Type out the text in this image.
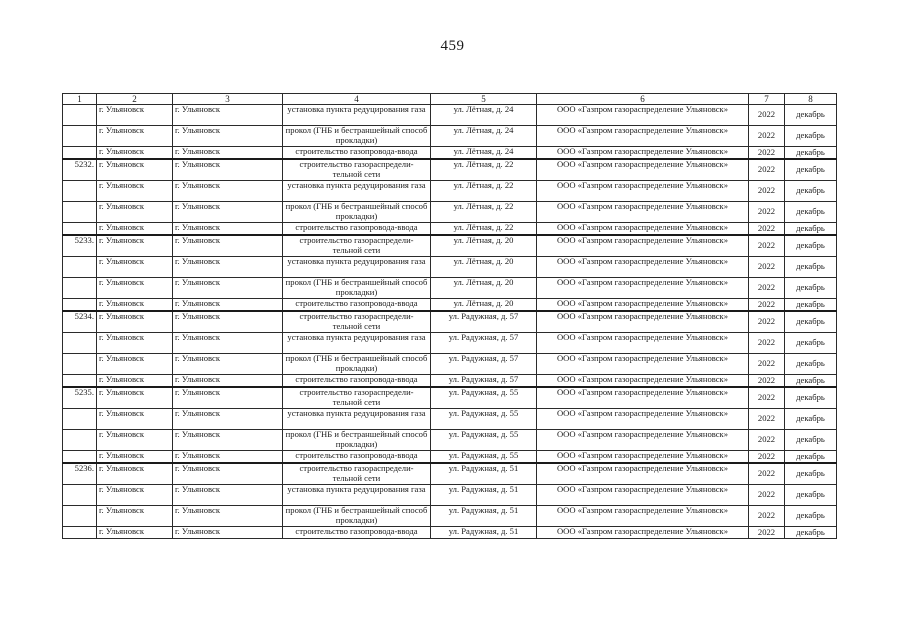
459
1	2	3	4	5	6	7	8
	г. Ульяновск	г. Ульяновск	установка пункта редуцирования газа	ул. Лётная, д. 24	ООО «Газпром газораспределение Ульяновск»	2022	декабрь
	г. Ульяновск	г. Ульяновск	прокол (ГНБ и бестраншейный способ прокладки)	ул. Лётная, д. 24	ООО «Газпром газораспределение Ульяновск»	2022	декабрь
	г. Ульяновск	г. Ульяновск	строительство газопровода-ввода	ул. Лётная, д. 24	ООО «Газпром газораспределение Ульяновск»	2022	декабрь
5232.	г. Ульяновск	г. Ульяновск	строительство газораспредели-тельной сети	ул. Лётная, д. 22	ООО «Газпром газораспределение Ульяновск»	2022	декабрь
	г. Ульяновск	г. Ульяновск	установка пункта редуцирования газа	ул. Лётная, д. 22	ООО «Газпром газораспределение Ульяновск»	2022	декабрь
	г. Ульяновск	г. Ульяновск	прокол (ГНБ и бестраншейный способ прокладки)	ул. Лётная, д. 22	ООО «Газпром газораспределение Ульяновск»	2022	декабрь
	г. Ульяновск	г. Ульяновск	строительство газопровода-ввода	ул. Лётная, д. 22	ООО «Газпром газораспределение Ульяновск»	2022	декабрь
5233.	г. Ульяновск	г. Ульяновск	строительство газораспредели-тельной сети	ул. Лётная, д. 20	ООО «Газпром газораспределение Ульяновск»	2022	декабрь
	г. Ульяновск	г. Ульяновск	установка пункта редуцирования газа	ул. Лётная, д. 20	ООО «Газпром газораспределение Ульяновск»	2022	декабрь
	г. Ульяновск	г. Ульяновск	прокол (ГНБ и бестраншейный способ прокладки)	ул. Лётная, д. 20	ООО «Газпром газораспределение Ульяновск»	2022	декабрь
	г. Ульяновск	г. Ульяновск	строительство газопровода-ввода	ул. Лётная, д. 20	ООО «Газпром газораспределение Ульяновск»	2022	декабрь
5234.	г. Ульяновск	г. Ульяновск	строительство газораспредели-тельной сети	ул. Радужная, д. 57	ООО «Газпром газораспределение Ульяновск»	2022	декабрь
	г. Ульяновск	г. Ульяновск	установка пункта редуцирования газа	ул. Радужная, д. 57	ООО «Газпром газораспределение Ульяновск»	2022	декабрь
	г. Ульяновск	г. Ульяновск	прокол (ГНБ и бестраншейный способ прокладки)	ул. Радужная, д. 57	ООО «Газпром газораспределение Ульяновск»	2022	декабрь
	г. Ульяновск	г. Ульяновск	строительство газопровода-ввода	ул. Радужная, д. 57	ООО «Газпром газораспределение Ульяновск»	2022	декабрь
5235.	г. Ульяновск	г. Ульяновск	строительство газораспредели-тельной сети	ул. Радужная, д. 55	ООО «Газпром газораспределение Ульяновск»	2022	декабрь
	г. Ульяновск	г. Ульяновск	установка пункта редуцирования газа	ул. Радужная, д. 55	ООО «Газпром газораспределение Ульяновск»	2022	декабрь
	г. Ульяновск	г. Ульяновск	прокол (ГНБ и бестраншейный способ прокладки)	ул. Радужная, д. 55	ООО «Газпром газораспределение Ульяновск»	2022	декабрь
	г. Ульяновск	г. Ульяновск	строительство газопровода-ввода	ул. Радужная, д. 55	ООО «Газпром газораспределение Ульяновск»	2022	декабрь
5236.	г. Ульяновск	г. Ульяновск	строительство газораспредели-тельной сети	ул. Радужная, д. 51	ООО «Газпром газораспределение Ульяновск»	2022	декабрь
	г. Ульяновск	г. Ульяновск	установка пункта редуцирования газа	ул. Радужная, д. 51	ООО «Газпром газораспределение Ульяновск»	2022	декабрь
	г. Ульяновск	г. Ульяновск	прокол (ГНБ и бестраншейный способ прокладки)	ул. Радужная, д. 51	ООО «Газпром газораспределение Ульяновск»	2022	декабрь
	г. Ульяновск	г. Ульяновск	строительство газопровода-ввода	ул. Радужная, д. 51	ООО «Газпром газораспределение Ульяновск»	2022	декабрь
